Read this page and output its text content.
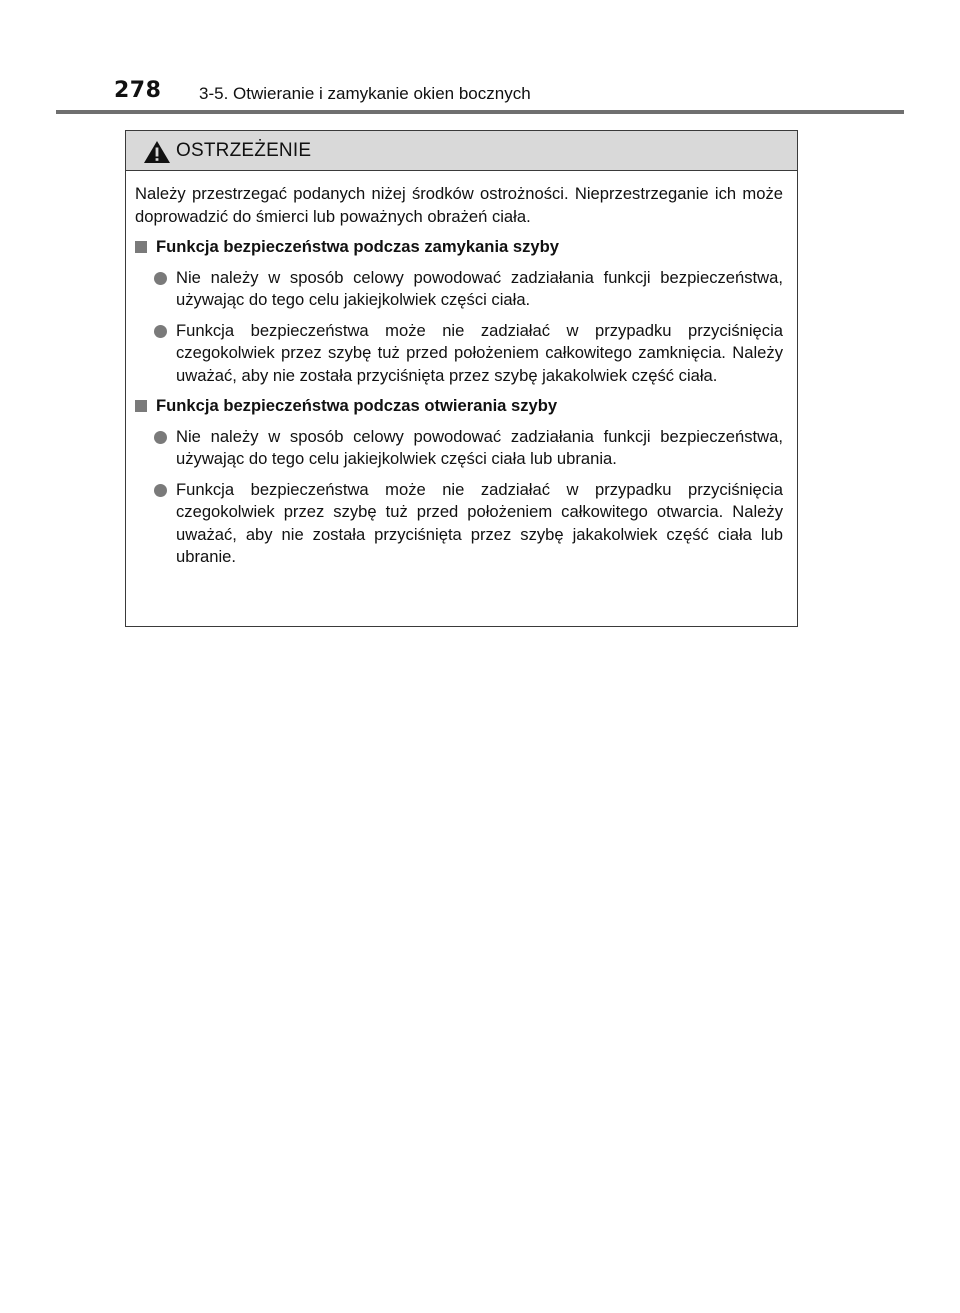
278 3-5. Otwieranie i zamykanie okien bocznych
OSTRZEŻENIE

Należy przestrzegać podanych niżej środków ostrożności. Nieprzestrzeganie ich może doprowadzić do śmierci lub poważnych obrażeń ciała.

Funkcja bezpieczeństwa podczas zamykania szyby
Nie należy w sposób celowy powodować zadziałania funkcji bezpieczeństwa, używając do tego celu jakiejkolwiek części ciała.
Funkcja bezpieczeństwa może nie zadziałać w przypadku przyciśnięcia czegokolwiek przez szybę tuż przed położeniem całkowitego zamknięcia. Należy uważać, aby nie została przyciśnięta przez szybę jakakolwiek część ciała.
Funkcja bezpieczeństwa podczas otwierania szyby
Nie należy w sposób celowy powodować zadziałania funkcji bezpieczeństwa, używając do tego celu jakiejkolwiek części ciała lub ubrania.
Funkcja bezpieczeństwa może nie zadziałać w przypadku przyciśnięcia czegokolwiek przez szybę tuż przed położeniem całkowitego otwarcia. Należy uważać, aby nie została przyciśnięta przez szybę jakakolwiek część ciała lub ubranie.
